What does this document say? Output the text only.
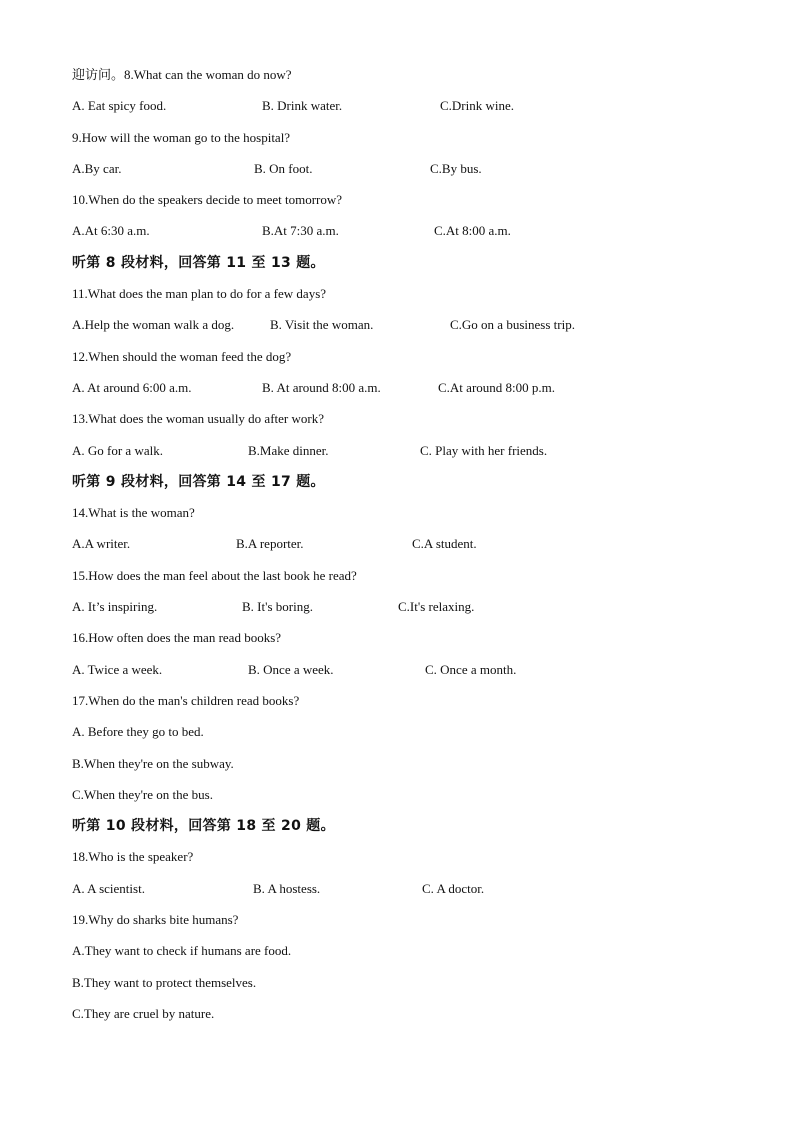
迎访问。8.What can the woman do now?
A. Eat spicy food.	B. Drink water.	C.Drink wine.
9.How will the woman go to the hospital?
A.By car.	B. On foot.	C.By bus.
10.When do the speakers decide to meet tomorrow?
A.At 6:30 a.m.	B.At 7:30 a.m.	C.At 8:00 a.m.
听第 8 段材料，回答第 11 至 13 题。
11.What does the man plan to do for a few days?
A.Help the woman walk a dog.	B. Visit the woman.	C.Go on a business trip.
12.When should the woman feed the dog?
A. At around 6:00 a.m.	B. At around 8:00 a.m.	C.At around 8:00 p.m.
13.What does the woman usually do after work?
A. Go for a walk.	B.Make dinner.	C. Play with her friends.
听第 9 段材料，回答第 14 至 17 题。
14.What is the woman?
A.A writer.	B.A reporter.	C.A student.
15.How does the man feel about the last book he read?
A. It’s inspiring.	B. It's boring.	C.It's relaxing.
16.How often does the man read books?
A. Twice a week.	B. Once a week.	C. Once a month.
17.When do the man's children read books?
A. Before they go to bed.
B.When they're on the subway.
C.When they're on the bus.
听第 10 段材料，回答第 18 至 20 题。
18.Who is the speaker?
A. A scientist.	B. A hostess.	C. A doctor.
19.Why do sharks bite humans?
A.They want to check if humans are food.
B.They want to protect themselves.
C.They are cruel by nature.
